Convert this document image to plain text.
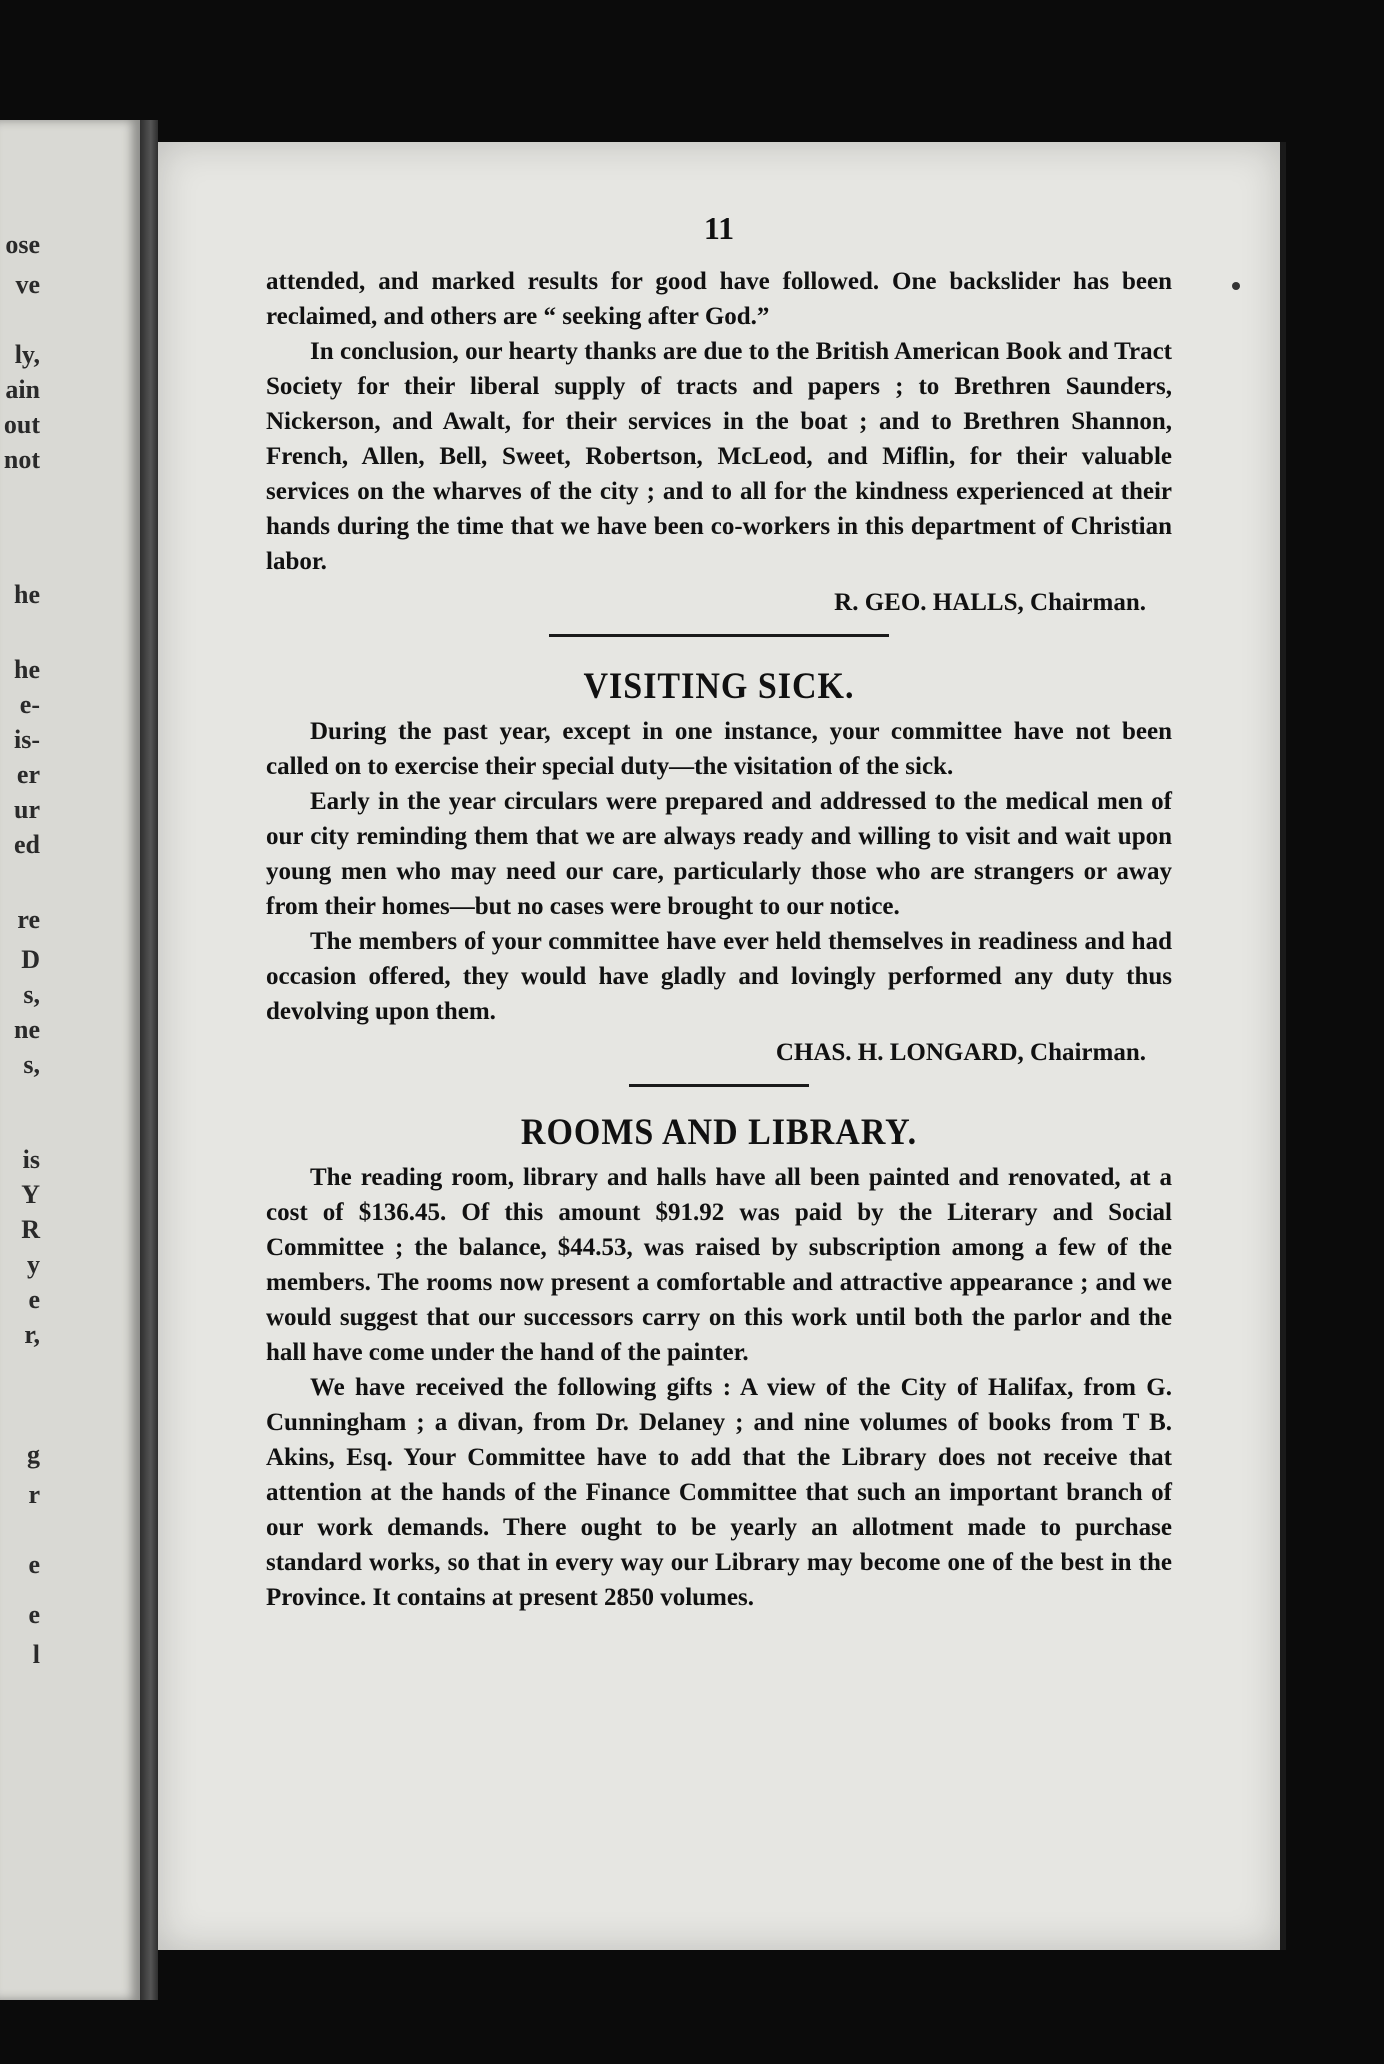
ose
ve
ly,
ain
out
not
he
he
e-
is-
er
ur
ed
re
D
s,
ne
s,
is
Y
R
y
e
r,
g
r
e
e
l
11

attended, and marked results for good have followed. One backslider has been reclaimed, and others are “ seeking after God.”

In conclusion, our hearty thanks are due to the British American Book and Tract Society for their liberal supply of tracts and papers ; to Brethren Saunders, Nickerson, and Awalt, for their services in the boat ; and to Brethren Shannon, French, Allen, Bell, Sweet, Robertson, McLeod, and Miflin, for their valuable services on the wharves of the city ; and to all for the kindness experienced at their hands during the time that we have been co-workers in this department of Christian labor.

R. GEO. HALLS, Chairman.

VISITING SICK.

During the past year, except in one instance, your committee have not been called on to exercise their special duty—the visitation of the sick.

Early in the year circulars were prepared and addressed to the medical men of our city reminding them that we are always ready and willing to visit and wait upon young men who may need our care, particularly those who are strangers or away from their homes—but no cases were brought to our notice.

The members of your committee have ever held themselves in readiness and had occasion offered, they would have gladly and lovingly performed any duty thus devolving upon them.

CHAS. H. LONGARD, Chairman.

ROOMS AND LIBRARY.

The reading room, library and halls have all been painted and renovated, at a cost of $136.45. Of this amount $91.92 was paid by the Literary and Social Committee ; the balance, $44.53, was raised by subscription among a few of the members. The rooms now present a comfortable and attractive appearance ; and we would suggest that our successors carry on this work until both the parlor and the hall have come under the hand of the painter.

We have received the following gifts : A view of the City of Halifax, from G. Cunningham ; a divan, from Dr. Delaney ; and nine volumes of books from T B. Akins, Esq. Your Committee have to add that the Library does not receive that attention at the hands of the Finance Committee that such an important branch of our work demands. There ought to be yearly an allotment made to purchase standard works, so that in every way our Library may become one of the best in the Province. It contains at present 2850 volumes.
